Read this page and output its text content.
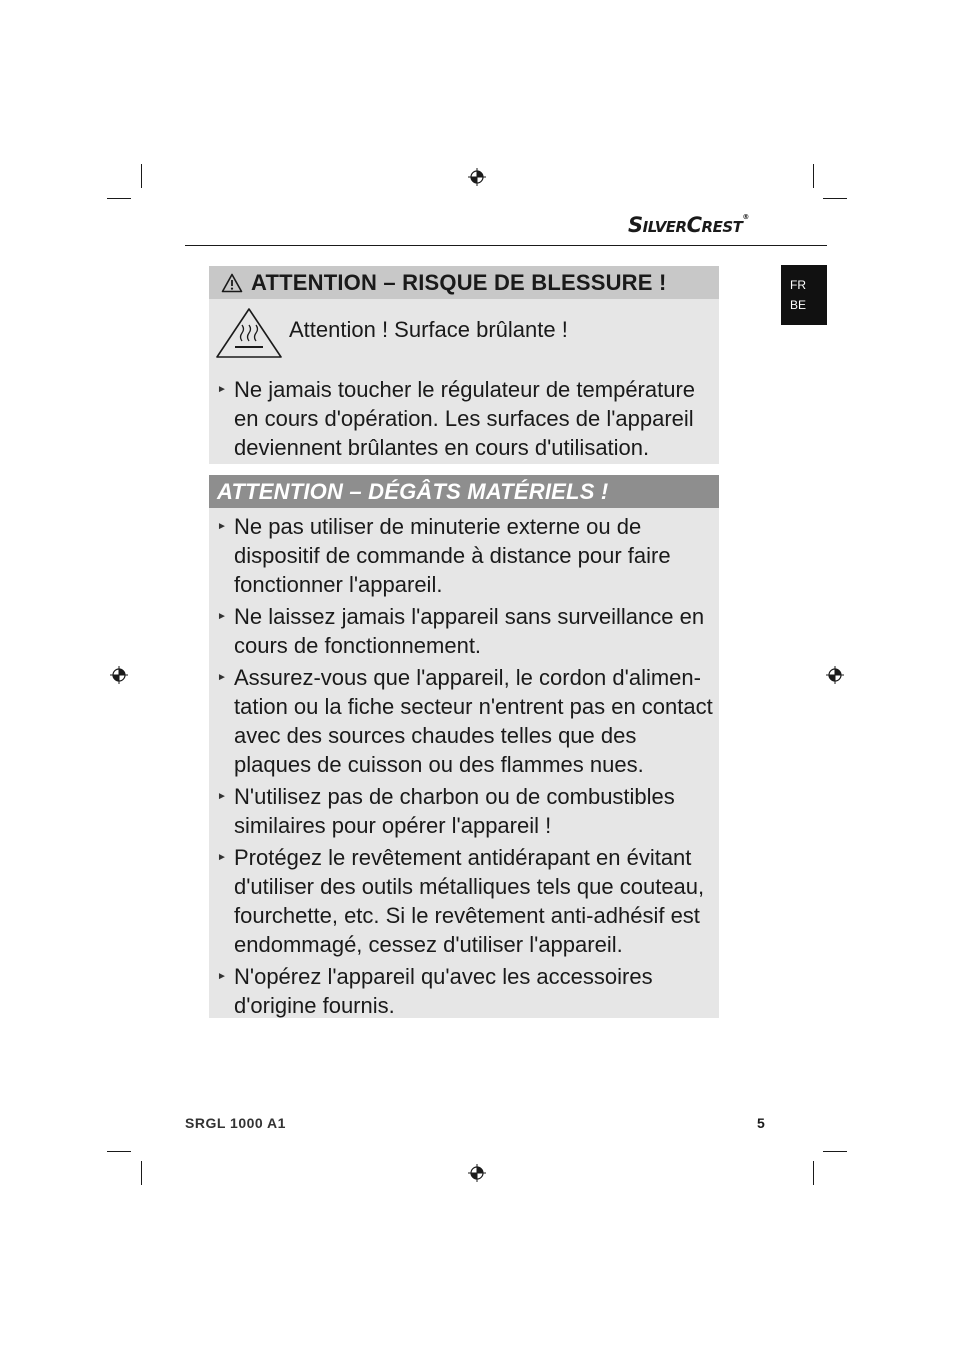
SILVERCREST®
FR
BE
ATTENTION – RISQUE DE BLESSURE !
Attention ! Surface brûlante !
► Ne jamais toucher le régulateur de température en cours d'opération. Les surfaces de l'appareil deviennent brûlantes en cours d'utilisation.
ATTENTION – DÉGÂTS MATÉRIELS !
► Ne pas utiliser de minuterie externe ou de dispositif de commande à distance pour faire fonctionner l'appareil.
► Ne laissez jamais l'appareil sans surveillance en cours de fonctionnement.
► Assurez-vous que l'appareil, le cordon d'alimen-tation ou la fiche secteur n'entrent pas en contact avec des sources chaudes telles que des plaques de cuisson ou des flammes nues.
► N'utilisez pas de charbon ou de combustibles similaires pour opérer l'appareil !
► Protégez le revêtement antidérapant en évitant d'utiliser des outils métalliques tels que couteau, fourchette, etc. Si le revêtement anti-adhésif est endommagé, cessez d'utiliser l'appareil.
► N'opérez l'appareil qu'avec les accessoires d'origine fournis.
SRGL 1000 A1	5
